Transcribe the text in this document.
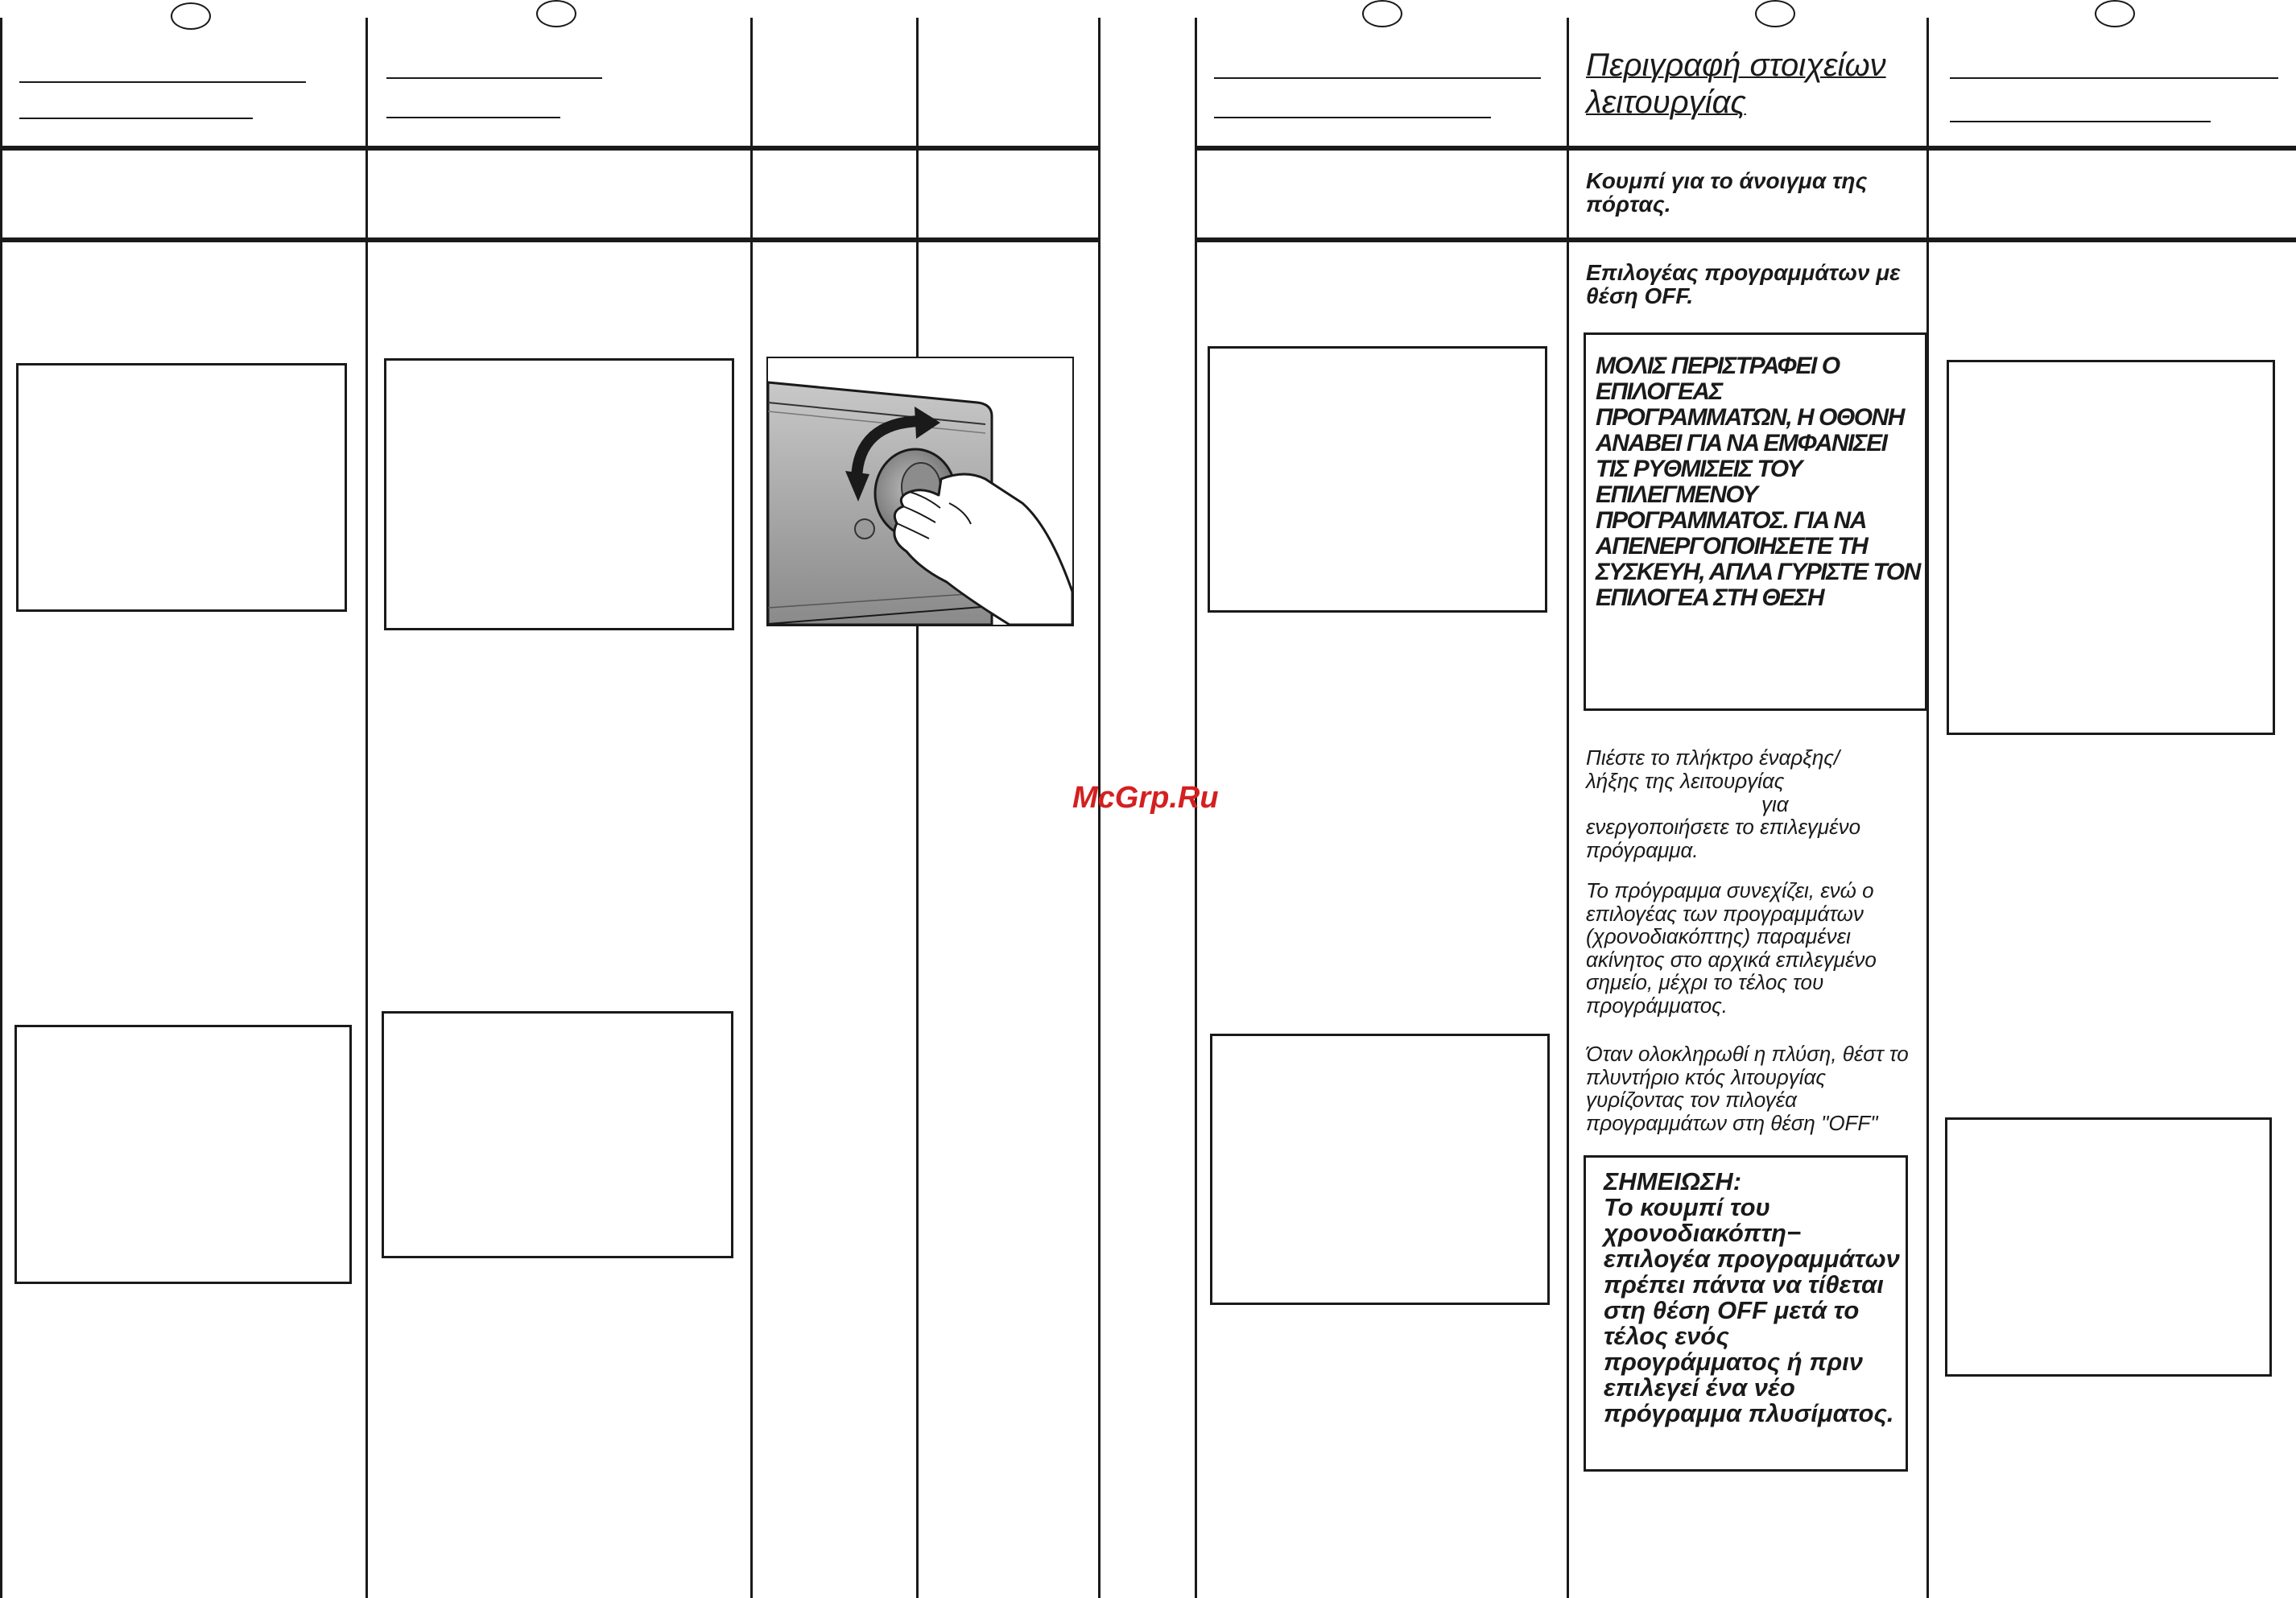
Περιγραφή στοιχείων λειτουργίας
Κουμπί για το άνοιγμα της πόρτας.
Επιλογέας προγραμμάτων με θέση OFF.
ΜΟΛΙΣ ΠΕΡΙΣΤΡΑΦΕΙ Ο ΕΠΙΛΟΓΕΑΣ ΠΡΟΓΡΑΜΜΑΤΩΝ, Η ΟΘΟΝΗ ΑΝΑΒΕΙ ΓΙΑ ΝΑ ΕΜΦΑΝΙΣΕΙ ΤΙΣ ΡΥΘΜΙΣΕΙΣ ΤΟΥ ΕΠΙΛΕΓΜΕΝΟΥ ΠΡΟΓΡΑΜΜΑΤΟΣ. ΓΙΑ ΝΑ ΑΠΕΝΕΡΓΟΠΟΙΗΣΕΤΕ ΤΗ ΣΥΣΚΕΥΗ, ΑΠΛΑ ΓΥΡΙΣΤΕ ΤΟΝ ΕΠΙΛΟΓΕΑ ΣΤΗ ΘΕΣΗ
Πιέστε το πλήκτρο έναρξης/ λήξης της λειτουργίας
για
ενεργοποιήσετε το επιλεγμένο πρόγραμμα.
Το πρόγραμμα συνεχίζει, ενώ ο επιλογέας των προγραμμάτων (χρονοδιακόπτης) παραμένει ακίνητος στο αρχικά επιλεγμένο σημείο, μέχρι το τέλος του προγράμματος.
Όταν ολοκληρωθί η πλύση, θέστ το πλυντήριο κτός λιτουργίας γυρίζοντας τον πιλογέα προγραμμάτων στη θέση "OFF"
ΣΗΜΕΙΩΣΗ:
Το κουμπί του χρονοδιακόπτη− επιλογέα προγραμμάτων πρέπει πάντα να τίθεται στη θέση OFF μετά το τέλος ενός προγράμματος ή πριν επιλεγεί ένα νέο πρόγραμμα πλυσίματος.
McGrp.Ru
